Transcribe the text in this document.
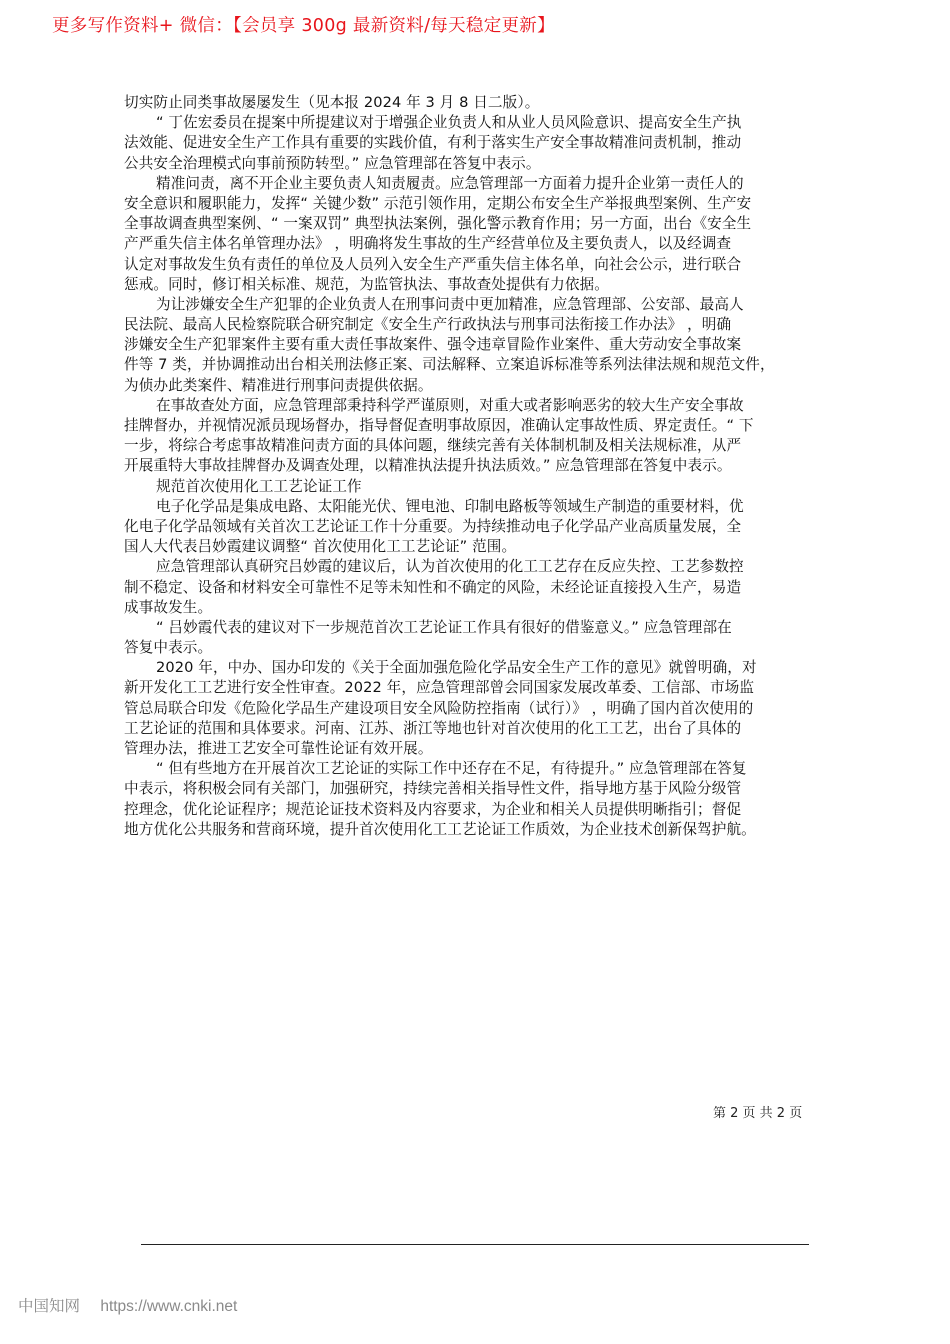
更多写作资料+ 微信：【会员享 300g 最新资料/每天稳定更新】
切实防止同类事故屡屡发生（见本报 2024 年 3 月 8 日二版）。
“ 丁佐宏委员在提案中所提建议对于增强企业负责人和从业人员风险意识、提高安全生产执
法效能、促进安全生产工作具有重要的实践价值，有利于落实生产安全事故精准问责机制，推动
公共安全治理模式向事前预防转型。” 应急管理部在答复中表示。
精准问责，离不开企业主要负责人知责履责。应急管理部一方面着力提升企业第一责任人的
安全意识和履职能力，发挥“ 关键少数” 示范引领作用，定期公布安全生产举报典型案例、生产安
全事故调查典型案例、“ 一案双罚” 典型执法案例，强化警示教育作用；另一方面，出台《安全生
产严重失信主体名单管理办法》 ，明确将发生事故的生产经营单位及主要负责人，以及经调查
认定对事故发生负有责任的单位及人员列入安全生产严重失信主体名单，向社会公示，进行联合
惩戒。同时，修订相关标准、规范，为监管执法、事故查处提供有力依据。
为让涉嫌安全生产犯罪的企业负责人在刑事问责中更加精准，应急管理部、公安部、最高人
民法院、最高人民检察院联合研究制定《安全生产行政执法与刑事司法衔接工作办法》 ，明确
涉嫌安全生产犯罪案件主要有重大责任事故案件、强令违章冒险作业案件、重大劳动安全事故案
件等 7 类，并协调推动出台相关刑法修正案、司法解释、立案追诉标准等系列法律法规和规范文件，
为侦办此类案件、精准进行刑事问责提供依据。
在事故查处方面，应急管理部秉持科学严谨原则，对重大或者影响恶劣的较大生产安全事故
挂牌督办，并视情况派员现场督办，指导督促查明事故原因，准确认定事故性质、界定责任。“ 下
一步，将综合考虑事故精准问责方面的具体问题，继续完善有关体制机制及相关法规标准，从严
开展重特大事故挂牌督办及调查处理，以精准执法提升执法质效。” 应急管理部在答复中表示。
规范首次使用化工工艺论证工作
电子化学品是集成电路、太阳能光伏、锂电池、印制电路板等领域生产制造的重要材料，优
化电子化学品领域有关首次工艺论证工作十分重要。为持续推动电子化学品产业高质量发展，全
国人大代表吕妙霞建议调整“ 首次使用化工工艺论证” 范围。
应急管理部认真研究吕妙霞的建议后，认为首次使用的化工工艺存在反应失控、工艺参数控
制不稳定、设备和材料安全可靠性不足等未知性和不确定的风险，未经论证直接投入生产，易造
成事故发生。
“ 吕妙霞代表的建议对下一步规范首次工艺论证工作具有很好的借鉴意义。” 应急管理部在
答复中表示。
2020 年，中办、国办印发的《关于全面加强危险化学品安全生产工作的意见》就曾明确，对
新开发化工工艺进行安全性审查。2022 年，应急管理部曾会同国家发展改革委、工信部、市场监
管总局联合印发《危险化学品生产建设项目安全风险防控指南（试行）》 ，明确了国内首次使用的
工艺论证的范围和具体要求。河南、江苏、浙江等地也针对首次使用的化工工艺，出台了具体的
管理办法，推进工艺安全可靠性论证有效开展。
“ 但有些地方在开展首次工艺论证的实际工作中还存在不足，有待提升。” 应急管理部在答复
中表示，将积极会同有关部门，加强研究，持续完善相关指导性文件，指导地方基于风险分级管
控理念，优化论证程序；规范论证技术资料及内容要求，为企业和相关人员提供明晰指引；督促
地方优化公共服务和营商环境，提升首次使用化工工艺论证工作质效，为企业技术创新保驾护航。
第 2 页 共 2 页
中国知网 https://www.cnki.net
